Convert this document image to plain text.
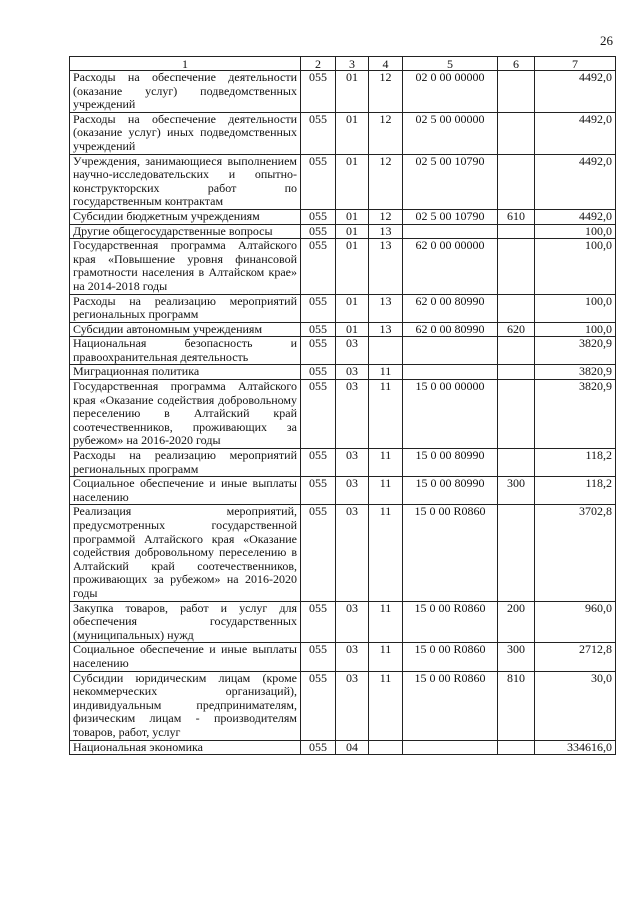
26
1	2	3	4	5	6	7
Расходы на обеспечение деятельности (оказание услуг) подведомственных учреждений	055	01	12	02 0 00 00000		4492,0
Расходы на обеспечение деятельности (оказание услуг) иных подведомственных учреждений	055	01	12	02 5 00 00000		4492,0
Учреждения, занимающиеся выполнением научно-исследовательских и опытно-конструкторских работ по государственным контрактам	055	01	12	02 5 00 10790		4492,0
Субсидии бюджетным учреждениям	055	01	12	02 5 00 10790	610	4492,0
Другие общегосударственные вопросы	055	01	13			100,0
Государственная программа Алтайского края «Повышение уровня финансовой грамотности населения в Алтайском крае» на 2014-2018 годы	055	01	13	62 0 00 00000		100,0
Расходы на реализацию мероприятий региональных программ	055	01	13	62 0 00 80990		100,0
Субсидии автономным учреждениям	055	01	13	62 0 00 80990	620	100,0
Национальная безопасность и правоохранительная деятельность	055	03				3820,9
Миграционная политика	055	03	11			3820,9
Государственная программа Алтайского края «Оказание содействия добровольному переселению в Алтайский край соотечественников, проживающих за рубежом» на 2016-2020 годы	055	03	11	15 0 00 00000		3820,9
Расходы на реализацию мероприятий региональных программ	055	03	11	15 0 00 80990		118,2
Социальное обеспечение и иные выплаты населению	055	03	11	15 0 00 80990	300	118,2
Реализация мероприятий, предусмотренных государственной программой Алтайского края «Оказание содействия добровольному переселению в Алтайский край соотечественников, проживающих за рубежом» на 2016-2020 годы	055	03	11	15 0 00 R0860		3702,8
Закупка товаров, работ и услуг для обеспечения государственных (муниципальных) нужд	055	03	11	15 0 00 R0860	200	960,0
Социальное обеспечение и иные выплаты населению	055	03	11	15 0 00 R0860	300	2712,8
Субсидии юридическим лицам (кроме некоммерческих организаций), индивидуальным предпринимателям, физическим лицам - производителям товаров, работ, услуг	055	03	11	15 0 00 R0860	810	30,0
Национальная экономика	055	04				334616,0
